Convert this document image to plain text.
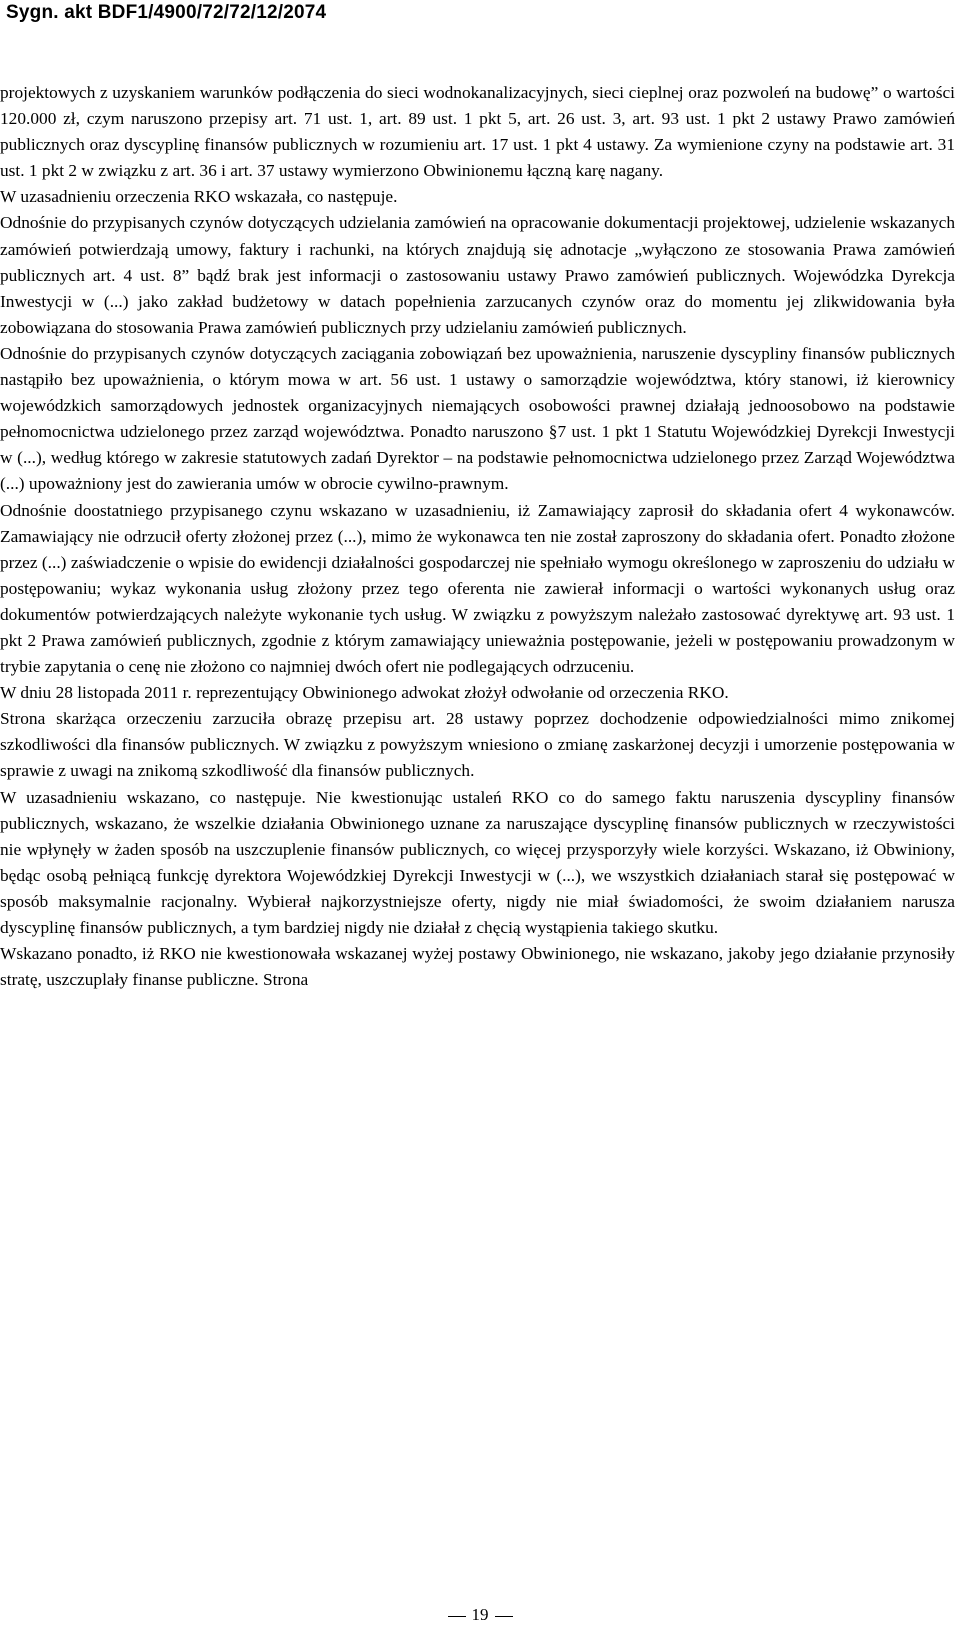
Sygn. akt BDF1/4900/72/72/12/2074

projektowych z uzyskaniem warunków podłączenia do sieci wodnokanalizacyjnych, sieci cieplnej oraz pozwoleń na budowę” o wartości 120.000 zł, czym naruszono przepisy art. 71 ust. 1, art. 89 ust. 1 pkt 5, art. 26 ust. 3, art. 93 ust. 1 pkt 2 ustawy Prawo zamówień publicznych oraz dyscyplinę finansów publicznych w rozumieniu art. 17 ust. 1 pkt 4 ustawy. Za wymienione czyny na podstawie art. 31 ust. 1 pkt 2 w związku z art. 36 i art. 37 ustawy wymierzono Obwinionemu łączną karę nagany.

W uzasadnieniu orzeczenia RKO wskazała, co następuje.

Odnośnie do przypisanych czynów dotyczących udzielania zamówień na opracowanie dokumentacji projektowej, udzielenie wskazanych zamówień potwierdzają umowy, faktury i rachunki, na których znajdują się adnotacje „wyłączono ze stosowania Prawa zamówień publicznych art. 4 ust. 8” bądź brak jest informacji o zastosowaniu ustawy Prawo zamówień publicznych. Wojewódzka Dyrekcja Inwestycji w (...) jako zakład budżetowy w datach popełnienia zarzucanych czynów oraz do momentu jej zlikwidowania była zobowiązana do stosowania Prawa zamówień publicznych przy udzielaniu zamówień publicznych.

Odnośnie do przypisanych czynów dotyczących zaciągania zobowiązań bez upoważnienia, naruszenie dyscypliny finansów publicznych nastąpiło bez upoważnienia, o którym mowa w art. 56 ust. 1 ustawy o samorządzie województwa, który stanowi, iż kierownicy wojewódzkich samorządowych jednostek organizacyjnych niemających osobowości prawnej działają jednoosobowo na podstawie pełnomocnictwa udzielonego przez zarząd województwa. Ponadto naruszono §7 ust. 1 pkt 1 Statutu Wojewódzkiej Dyrekcji Inwestycji w (...), według którego w zakresie statutowych zadań Dyrektor – na podstawie pełnomocnictwa udzielonego przez Zarząd Województwa (...) upoważniony jest do zawierania umów w obrocie cywilno-prawnym.

Odnośnie doostatniego przypisanego czynu wskazano w uzasadnieniu, iż Zamawiający zaprosił do składania ofert 4 wykonawców. Zamawiający nie odrzucił oferty złożonej przez (...), mimo że wykonawca ten nie został zaproszony do składania ofert. Ponadto złożone przez (...) zaświadczenie o wpisie do ewidencji działalności gospodarczej nie spełniało wymogu określonego w zaproszeniu do udziału w postępowaniu; wykaz wykonania usług złożony przez tego oferenta nie zawierał informacji o wartości wykonanych usług oraz dokumentów potwierdzających należyte wykonanie tych usług. W związku z powyższym należało zastosować dyrektywę art. 93 ust. 1 pkt 2 Prawa zamówień publicznych, zgodnie z którym zamawiający unieważnia postępowanie, jeżeli w postępowaniu prowadzonym w trybie zapytania o cenę nie złożono co najmniej dwóch ofert nie podlegających odrzuceniu.

W dniu 28 listopada 2011 r. reprezentujący Obwinionego adwokat złożył odwołanie od orzeczenia RKO.

Strona skarżąca orzeczeniu zarzuciła obrazę przepisu art. 28 ustawy poprzez dochodzenie odpowiedzialności mimo znikomej szkodliwości dla finansów publicznych. W związku z powyższym wniesiono o zmianę zaskarżonej decyzji i umorzenie postępowania w sprawie z uwagi na znikomą szkodliwość dla finansów publicznych.

W uzasadnieniu wskazano, co następuje. Nie kwestionując ustaleń RKO co do samego faktu naruszenia dyscypliny finansów publicznych, wskazano, że wszelkie działania Obwinionego uznane za naruszające dyscyplinę finansów publicznych w rzeczywistości nie wpłynęły w żaden sposób na uszczuplenie finansów publicznych, co więcej przysporzyły wiele korzyści. Wskazano, iż Obwiniony, będąc osobą pełniącą funkcję dyrektora Wojewódzkiej Dyrekcji Inwestycji w (...), we wszystkich działaniach starał się postępować w sposób maksymalnie racjonalny. Wybierał najkorzystniejsze oferty, nigdy nie miał świadomości, że swoim działaniem narusza dyscyplinę finansów publicznych, a tym bardziej nigdy nie działał z chęcią wystąpienia takiego skutku.

Wskazano ponadto, iż RKO nie kwestionowała wskazanej wyżej postawy Obwinionego, nie wskazano, jakoby jego działanie przynosiły stratę, uszczuplały finanse publiczne. Strona

19
